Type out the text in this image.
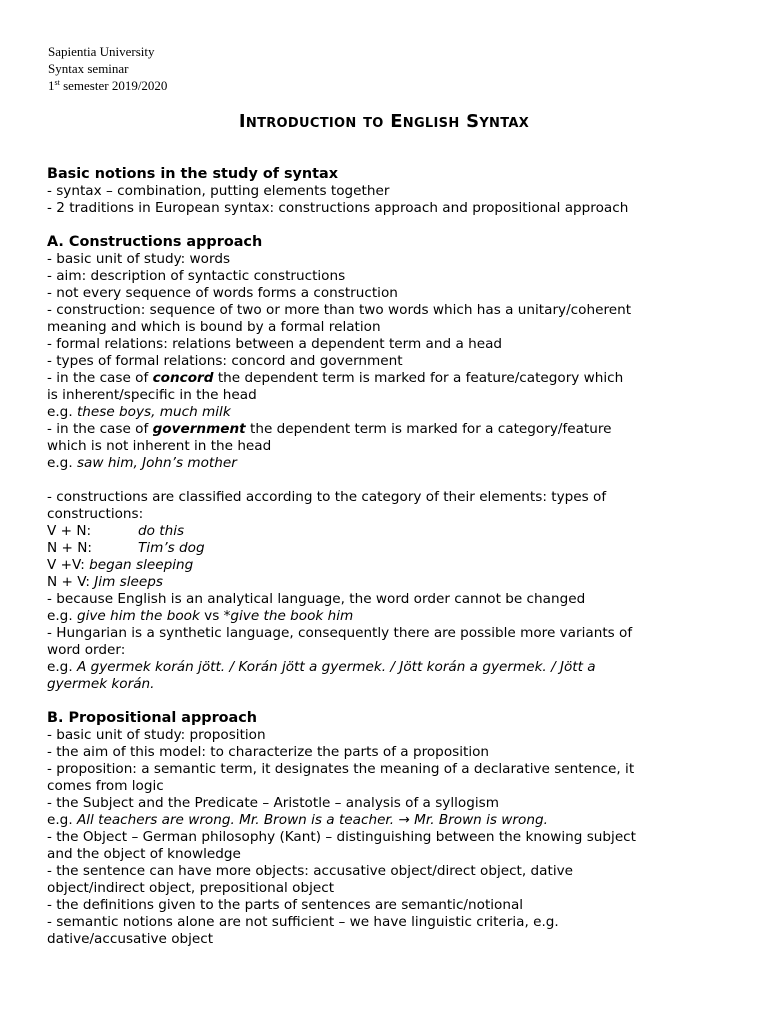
Sapientia University
Syntax seminar
1st semester 2019/2020
Introduction to English Syntax

Basic notions in the study of syntax

- syntax – combination, putting elements together

- 2 traditions in European syntax: constructions approach and propositional approach

A. Constructions approach

- basic unit of study: words

- aim: description of syntactic constructions

- not every sequence of words forms a construction

- construction: sequence of two or more than two words which has a unitary/coherent

meaning and which is bound by a formal relation

- formal relations: relations between a dependent term and a head

- types of formal relations: concord and government

- in the case of concord the dependent term is marked for a feature/category which

is inherent/specific in the head

e.g. these boys, much milk

- in the case of government the dependent term is marked for a category/feature

which is not inherent in the head

e.g. saw him, John’s mother

- constructions are classified according to the category of their elements: types of

constructions:

V + N:	do this

N + N:	Tim’s dog

V +V: began sleeping

N + V: Jim sleeps

- because English is an analytical language, the word order cannot be changed

e.g. give him the book vs *give the book him

- Hungarian is a synthetic language, consequently there are possible more variants of

word order:

e.g. A gyermek korán jött. / Korán jött a gyermek. / Jött korán a gyermek. / Jött a

gyermek korán.

B. Propositional approach

- basic unit of study: proposition

- the aim of this model: to characterize the parts of a proposition

- proposition: a semantic term, it designates the meaning of a declarative sentence, it

comes from logic

- the Subject and the Predicate – Aristotle – analysis of a syllogism

e.g. All teachers are wrong. Mr. Brown is a teacher. → Mr. Brown is wrong.

- the Object – German philosophy (Kant) – distinguishing between the knowing subject

and the object of knowledge

- the sentence can have more objects: accusative object/direct object, dative

object/indirect object, prepositional object

- the definitions given to the parts of sentences are semantic/notional

- semantic notions alone are not sufficient – we have linguistic criteria, e.g.

dative/accusative object
